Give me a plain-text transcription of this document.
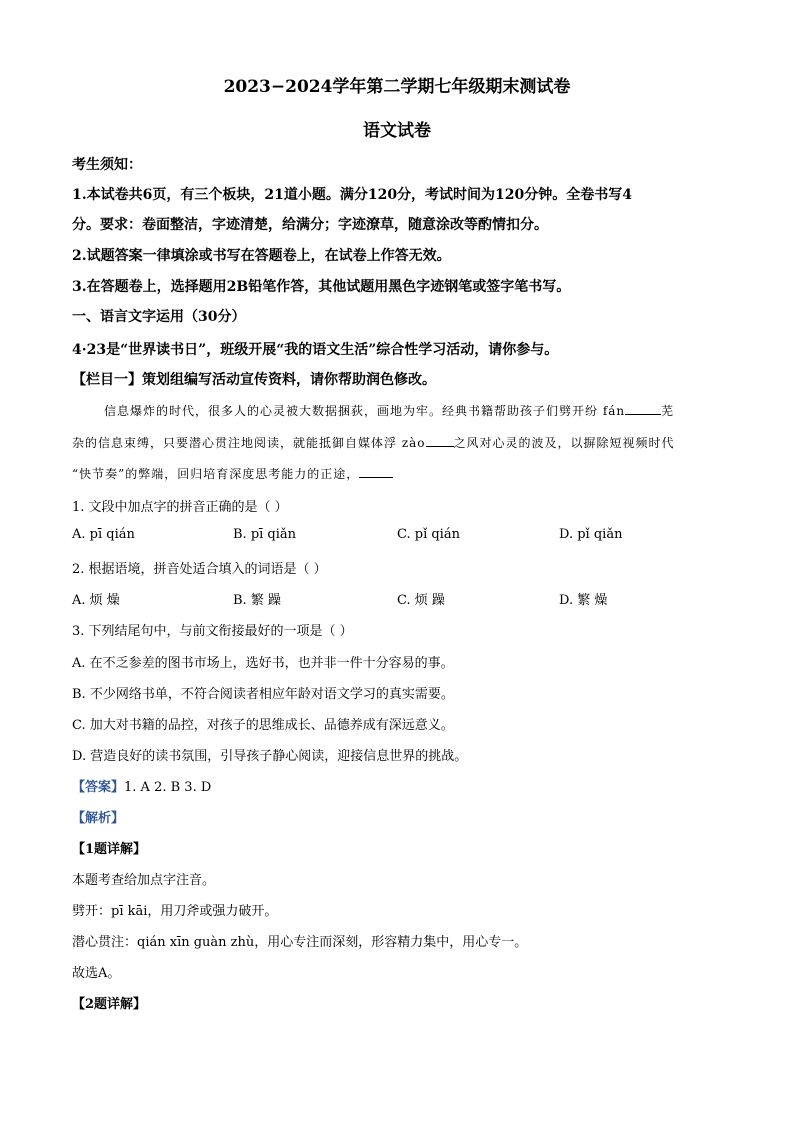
2023−2024学年第二学期七年级期末测试卷
语文试卷
考生须知：
1.本试卷共6页，有三个板块，21道小题。满分120分，考试时间为120分钟。全卷书写4
分。要求：卷面整洁，字迹清楚，给满分；字迹潦草，随意涂改等酌情扣分。
2.试题答案一律填涂或书写在答题卷上，在试卷上作答无效。
3.在答题卷上，选择题用2B铅笔作答，其他试题用黑色字迹钢笔或签字笔书写。
一、语言文字运用（30分）
4·23是“世界读书日”，班级开展“我的语文生活”综合性学习活动，请你参与。
【栏目一】策划组编写活动宣传资料，请你帮助润色修改。
信息爆炸的时代，很多人的心灵被大数据捆荻，画地为牢。经典书籍帮助孩子们劈开纷 fán	芜
杂的信息束缚，只要潜心贯注地阅读，就能抵御自媒体浮 zào 之风对心灵的波及，以摒除短视频时代
“快节奏”的弊端，回归培育深度思考能力的正途，
1. 文段中加点字的拼音正确的是（ ）
A. pī qián	B. pī qiǎn	C. pǐ qián	D. pǐ qiǎn
2. 根据语境，拼音处适合填入的词语是（ ）
A. 烦 燥	B. 繁 躁	C. 烦 躁	D. 繁 燥
3. 下列结尾句中，与前文衔接最好的一项是（ ）
A. 在不乏参差的图书市场上，选好书，也并非一件十分容易的事。
B. 不少网络书单，不符合阅读者相应年龄对语文学习的真实需要。
C. 加大对书籍的品控，对孩子的思维成长、品德养成有深远意义。
D. 营造良好的读书氛围，引导孩子静心阅读，迎接信息世界的挑战。
【答案】1. A 2. B 3. D
【解析】
【1题详解】
本题考查给加点字注音。
劈开：pī kāi，用刀斧或强力破开。
潜心贯注：qián xīn guàn zhù，用心专注而深刻，形容精力集中，用心专一。
故选A。
【2题详解】
